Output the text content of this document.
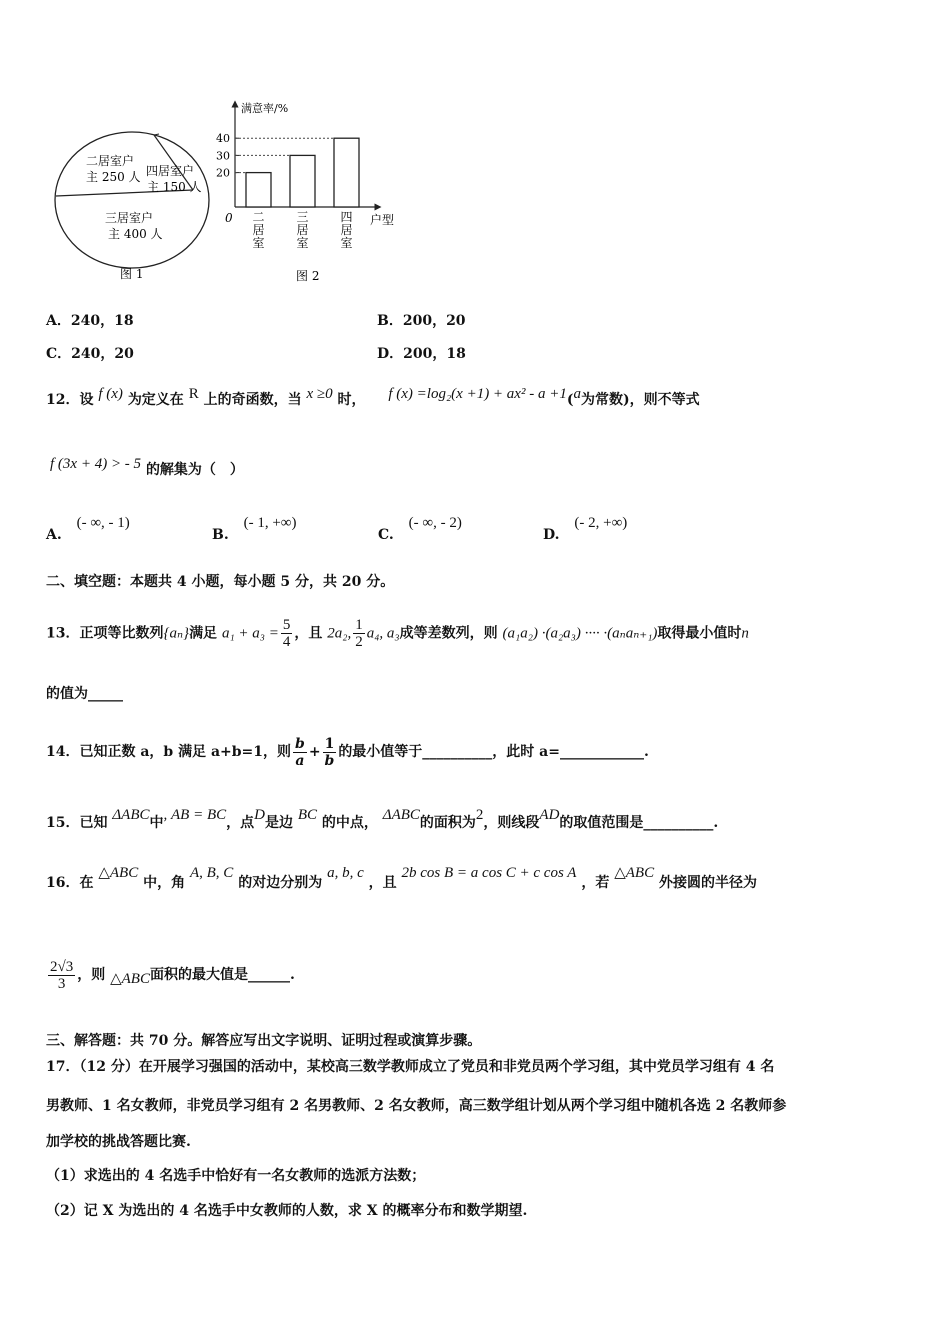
二居室户
主 250 人 四居室户
主 150 人
三居室户
主 400 人
图 1
满意率/%
户型
0
20
30
40
二
居
室
三
居
室
四
居
室
图 2
A．240，18	B．200，20
C．240，20	D．200，18
12．设 f (x) 为定义在 R 上的奇函数，当 x ≥0 时， f (x) =log₂(x +1) + ax² - a +1(a为常数)，则不等式
f (3x + 4) > - 5 的解集为（　）
A. (- ∞, - 1)
B. (- 1, +∞)
C. (- ∞, - 2)
D. (- 2, +∞)
二、填空题：本题共 4 小题，每小题 5 分，共 20 分。
13．正项等比数列{aₙ}满足 $a_1 + a_3 = \frac{5}{4}$ ，且 2a₂, $\frac{1}{2} a_4$, a₃成等差数列，则 (a₁a₂) ·(a₂a₃) ···· ·(aₙaₙ₊₁)取得最小值时n
的值为_____
14．已知正数 a，b 满足 a+b=1，则 $\frac{b}{a} + \frac{1}{b}$ 的最小值等于__________，此时 a=____________.
15．已知 ΔABC中, AB = BC，点D是边 BC 的中点， ΔABC的面积为2，则线段AD的取值范围是__________.
16．在 △ABC 中，角 A, B, C 的对边分别为 a, b, c ，且 2b cos B = a cos C + c cos A ，若 △ABC 外接圆的半径为
$\frac{2√3}{3}$ ，则 △ABC面积的最大值是______.
三、解答题：共 70 分。解答应写出文字说明、证明过程或演算步骤。
17．（12 分）在开展学习强国的活动中，某校高三数学教师成立了党员和非党员两个学习组，其中党员学习组有 4 名
男教师、1 名女教师，非党员学习组有 2 名男教师、2 名女教师，高三数学组计划从两个学习组中随机各选 2 名教师参
加学校的挑战答题比赛.
（1）求选出的 4 名选手中恰好有一名女教师的选派方法数；
（2）记 X 为选出的 4 名选手中女教师的人数，求 X 的概率分布和数学期望.
